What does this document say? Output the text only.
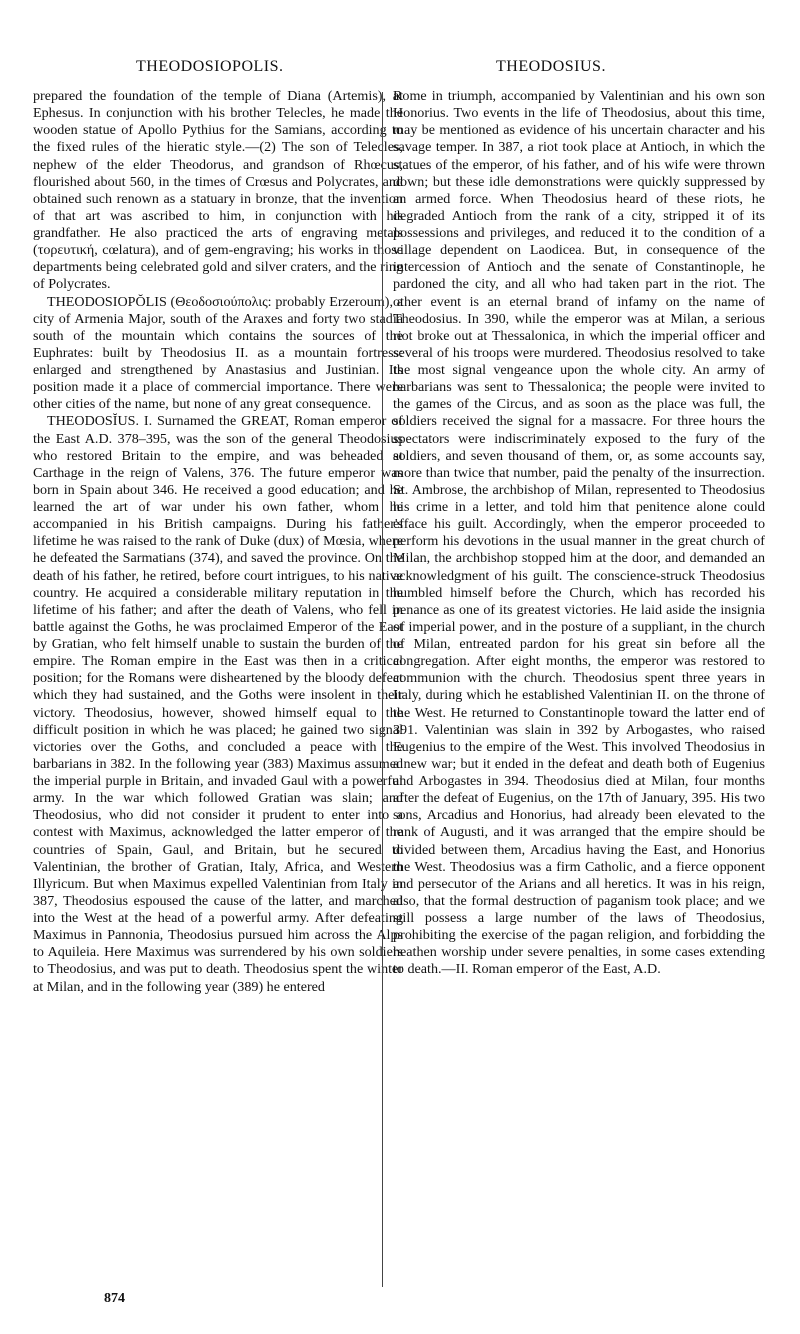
THEODOSIOPOLIS.	THEODOSIUS.

prepared the foundation of the temple of Diana (Artemis), at Ephesus. In conjunction with his brother Telecles, he made the wooden statue of Apollo Pythius for the Samians, according to the fixed rules of the hieratic style.—(2) The son of Telecles, nephew of the elder Theodorus, and grandson of Rhœcus, flourished about 560, in the times of Crœsus and Polycrates, and obtained such renown as a statuary in bronze, that the invention of that art was ascribed to him, in conjunction with his grandfather. He also practiced the arts of engraving metals (τορευτική, cœlatura), and of gem-engraving; his works in those departments being celebrated gold and silver craters, and the ring of Polycrates.

THEODOSIOPŎLIS (Θεοδοσιούπολις: probably Erzeroum), a city of Armenia Major, south of the Araxes and forty two stadia south of the mountain which contains the sources of the Euphrates: built by Theodosius II. as a mountain fortress: enlarged and strengthened by Anastasius and Justinian. Its position made it a place of commercial importance. There were other cities of the name, but none of any great consequence.

THEODOSĬUS. I. Surnamed the GREAT, Roman emperor of the East A.D. 378–395, was the son of the general Theodosius who restored Britain to the empire, and was beheaded at Carthage in the reign of Valens, 376. The future emperor was born in Spain about 346. He received a good education; and he learned the art of war under his own father, whom he accompanied in his British campaigns. During his father's lifetime he was raised to the rank of Duke (dux) of Mœsia, where he defeated the Sarmatians (374), and saved the province. On the death of his father, he retired, before court intrigues, to his native country. He acquired a considerable military reputation in the lifetime of his father; and after the death of Valens, who fell in battle against the Goths, he was proclaimed Emperor of the East by Gratian, who felt himself unable to sustain the burden of the empire. The Roman empire in the East was then in a critical position; for the Romans were disheartened by the bloody defeat which they had sustained, and the Goths were insolent in their victory. Theodosius, however, showed himself equal to the difficult position in which he was placed; he gained two signal victories over the Goths, and concluded a peace with the barbarians in 382. In the following year (383) Maximus assumed the imperial purple in Britain, and invaded Gaul with a powerful army. In the war which followed Gratian was slain; and Theodosius, who did not consider it prudent to enter into a contest with Maximus, acknowledged the latter emperor of the countries of Spain, Gaul, and Britain, but he secured to Valentinian, the brother of Gratian, Italy, Africa, and Western Illyricum. But when Maximus expelled Valentinian from Italy in 387, Theodosius espoused the cause of the latter, and marched into the West at the head of a powerful army. After defeating Maximus in Pannonia, Theodosius pursued him across the Alps to Aquileia. Here Maximus was surrendered by his own soldiers to Theodosius, and was put to death. Theodosius spent the winter at Milan, and in the following year (389) he entered

Rome in triumph, accompanied by Valentinian and his own son Honorius. Two events in the life of Theodosius, about this time, may be mentioned as evidence of his uncertain character and his savage temper. In 387, a riot took place at Antioch, in which the statues of the emperor, of his father, and of his wife were thrown down; but these idle demonstrations were quickly suppressed by an armed force. When Theodosius heard of these riots, he degraded Antioch from the rank of a city, stripped it of its possessions and privileges, and reduced it to the condition of a village dependent on Laodicea. But, in consequence of the intercession of Antioch and the senate of Constantinople, he pardoned the city, and all who had taken part in the riot. The other event is an eternal brand of infamy on the name of Theodosius. In 390, while the emperor was at Milan, a serious riot broke out at Thessalonica, in which the imperial officer and several of his troops were murdered. Theodosius resolved to take the most signal vengeance upon the whole city. An army of barbarians was sent to Thessalonica; the people were invited to the games of the Circus, and as soon as the place was full, the soldiers received the signal for a massacre. For three hours the spectators were indiscriminately exposed to the fury of the soldiers, and seven thousand of them, or, as some accounts say, more than twice that number, paid the penalty of the insurrection. St. Ambrose, the archbishop of Milan, represented to Theodosius his crime in a letter, and told him that penitence alone could efface his guilt. Accordingly, when the emperor proceeded to perform his devotions in the usual manner in the great church of Milan, the archbishop stopped him at the door, and demanded an acknowledgment of his guilt. The conscience-struck Theodosius humbled himself before the Church, which has recorded his penance as one of its greatest victories. He laid aside the insignia of imperial power, and in the posture of a suppliant, in the church of Milan, entreated pardon for his great sin before all the congregation. After eight months, the emperor was restored to communion with the church. Theodosius spent three years in Italy, during which he established Valentinian II. on the throne of the West. He returned to Constantinople toward the latter end of 391. Valentinian was slain in 392 by Arbogastes, who raised Eugenius to the empire of the West. This involved Theodosius in a new war; but it ended in the defeat and death both of Eugenius and Arbogastes in 394. Theodosius died at Milan, four months after the defeat of Eugenius, on the 17th of January, 395. His two sons, Arcadius and Honorius, had already been elevated to the rank of Augusti, and it was arranged that the empire should be divided between them, Arcadius having the East, and Honorius the West. Theodosius was a firm Catholic, and a fierce opponent and persecutor of the Arians and all heretics. It was in his reign, also, that the formal destruction of paganism took place; and we still possess a large number of the laws of Theodosius, prohibiting the exercise of the pagan religion, and forbidding the heathen worship under severe penalties, in some cases extending to death.—II. Roman emperor of the East, A.D.

874
